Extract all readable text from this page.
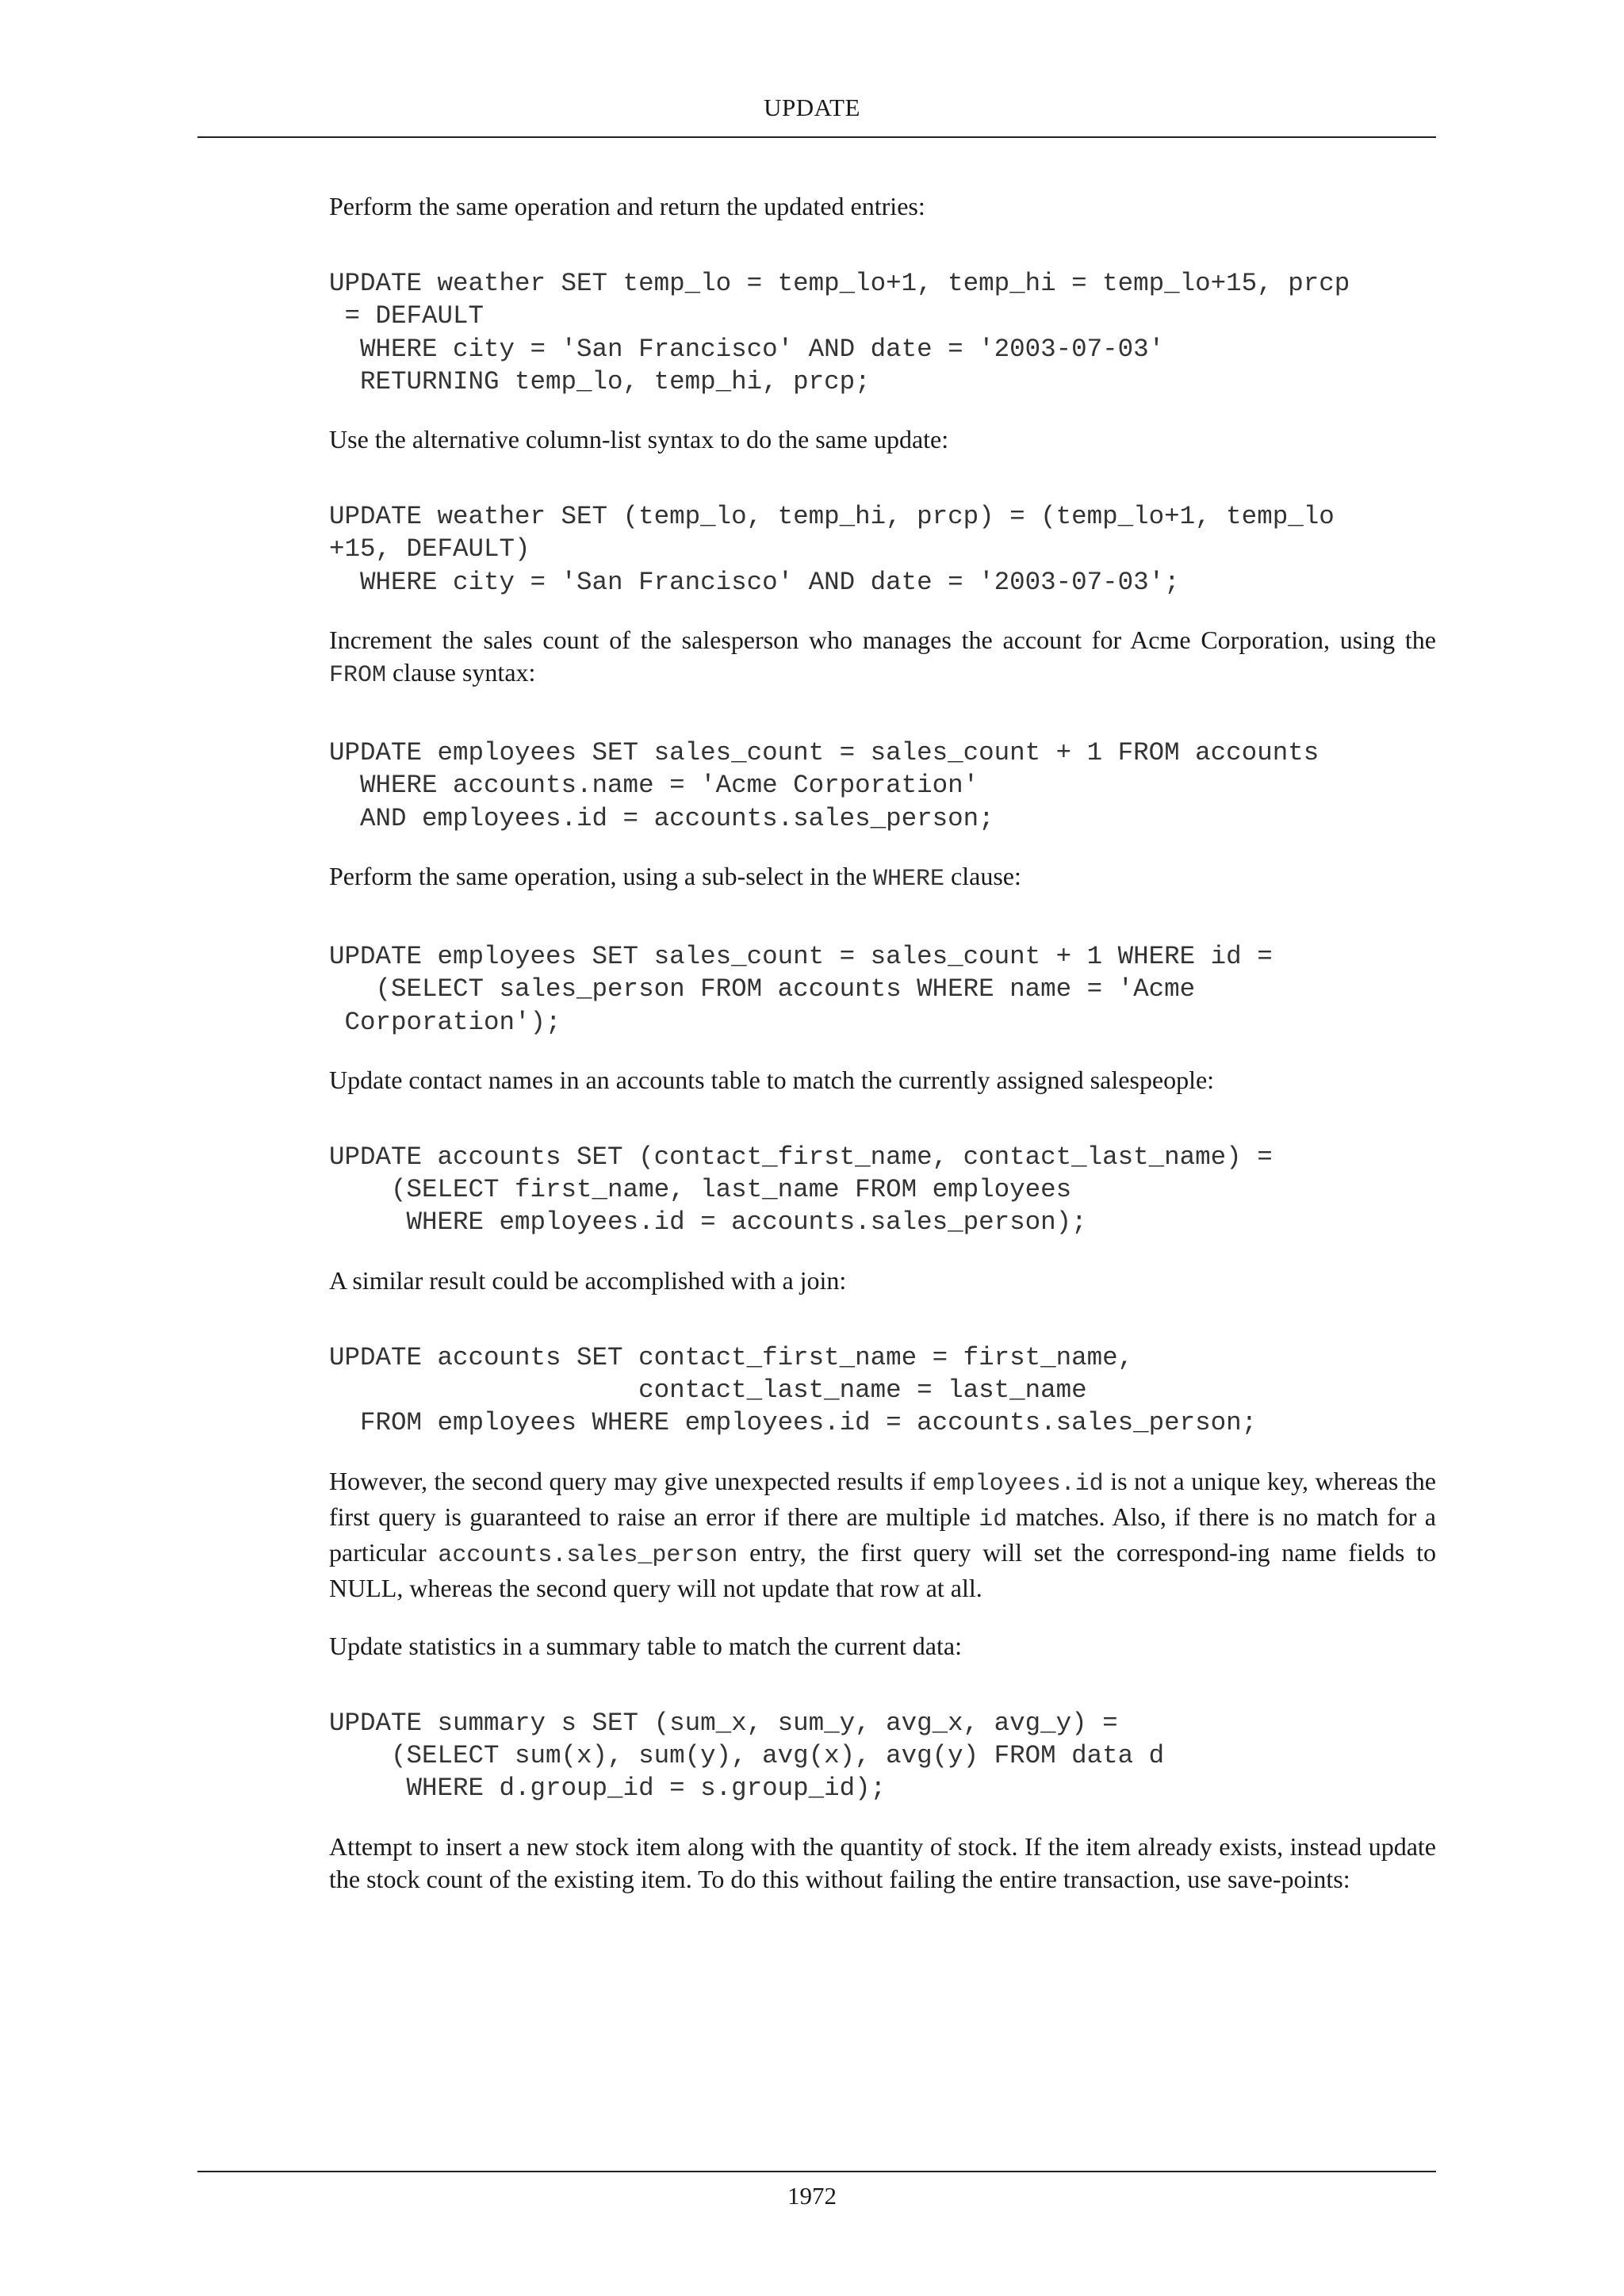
UPDATE

Perform the same operation and return the updated entries:

UPDATE weather SET temp_lo = temp_lo+1, temp_hi = temp_lo+15, prcp
= DEFAULT
WHERE city = 'San Francisco' AND date = '2003-07-03'
RETURNING temp_lo, temp_hi, prcp;

Use the alternative column-list syntax to do the same update:

UPDATE weather SET (temp_lo, temp_hi, prcp) = (temp_lo+1, temp_lo
+15, DEFAULT)
WHERE city = 'San Francisco' AND date = '2003-07-03';

Increment the sales count of the salesperson who manages the account for Acme Corporation, using the FROM clause syntax:

UPDATE employees SET sales_count = sales_count + 1 FROM accounts
WHERE accounts.name = 'Acme Corporation'
AND employees.id = accounts.sales_person;

Perform the same operation, using a sub-select in the WHERE clause:

UPDATE employees SET sales_count = sales_count + 1 WHERE id =
(SELECT sales_person FROM accounts WHERE name = 'Acme
Corporation');

Update contact names in an accounts table to match the currently assigned salespeople:

UPDATE accounts SET (contact_first_name, contact_last_name) =
(SELECT first_name, last_name FROM employees
WHERE employees.id = accounts.sales_person);

A similar result could be accomplished with a join:

UPDATE accounts SET contact_first_name = first_name,
contact_last_name = last_name
FROM employees WHERE employees.id = accounts.sales_person;

However, the second query may give unexpected results if employees.id is not a unique key, whereas the first query is guaranteed to raise an error if there are multiple id matches. Also, if there is no match for a particular accounts.sales_person entry, the first query will set the correspond-ing name fields to NULL, whereas the second query will not update that row at all.

Update statistics in a summary table to match the current data:

UPDATE summary s SET (sum_x, sum_y, avg_x, avg_y) =
(SELECT sum(x), sum(y), avg(x), avg(y) FROM data d
WHERE d.group_id = s.group_id);

Attempt to insert a new stock item along with the quantity of stock. If the item already exists, instead update the stock count of the existing item. To do this without failing the entire transaction, use save-points:

1972
